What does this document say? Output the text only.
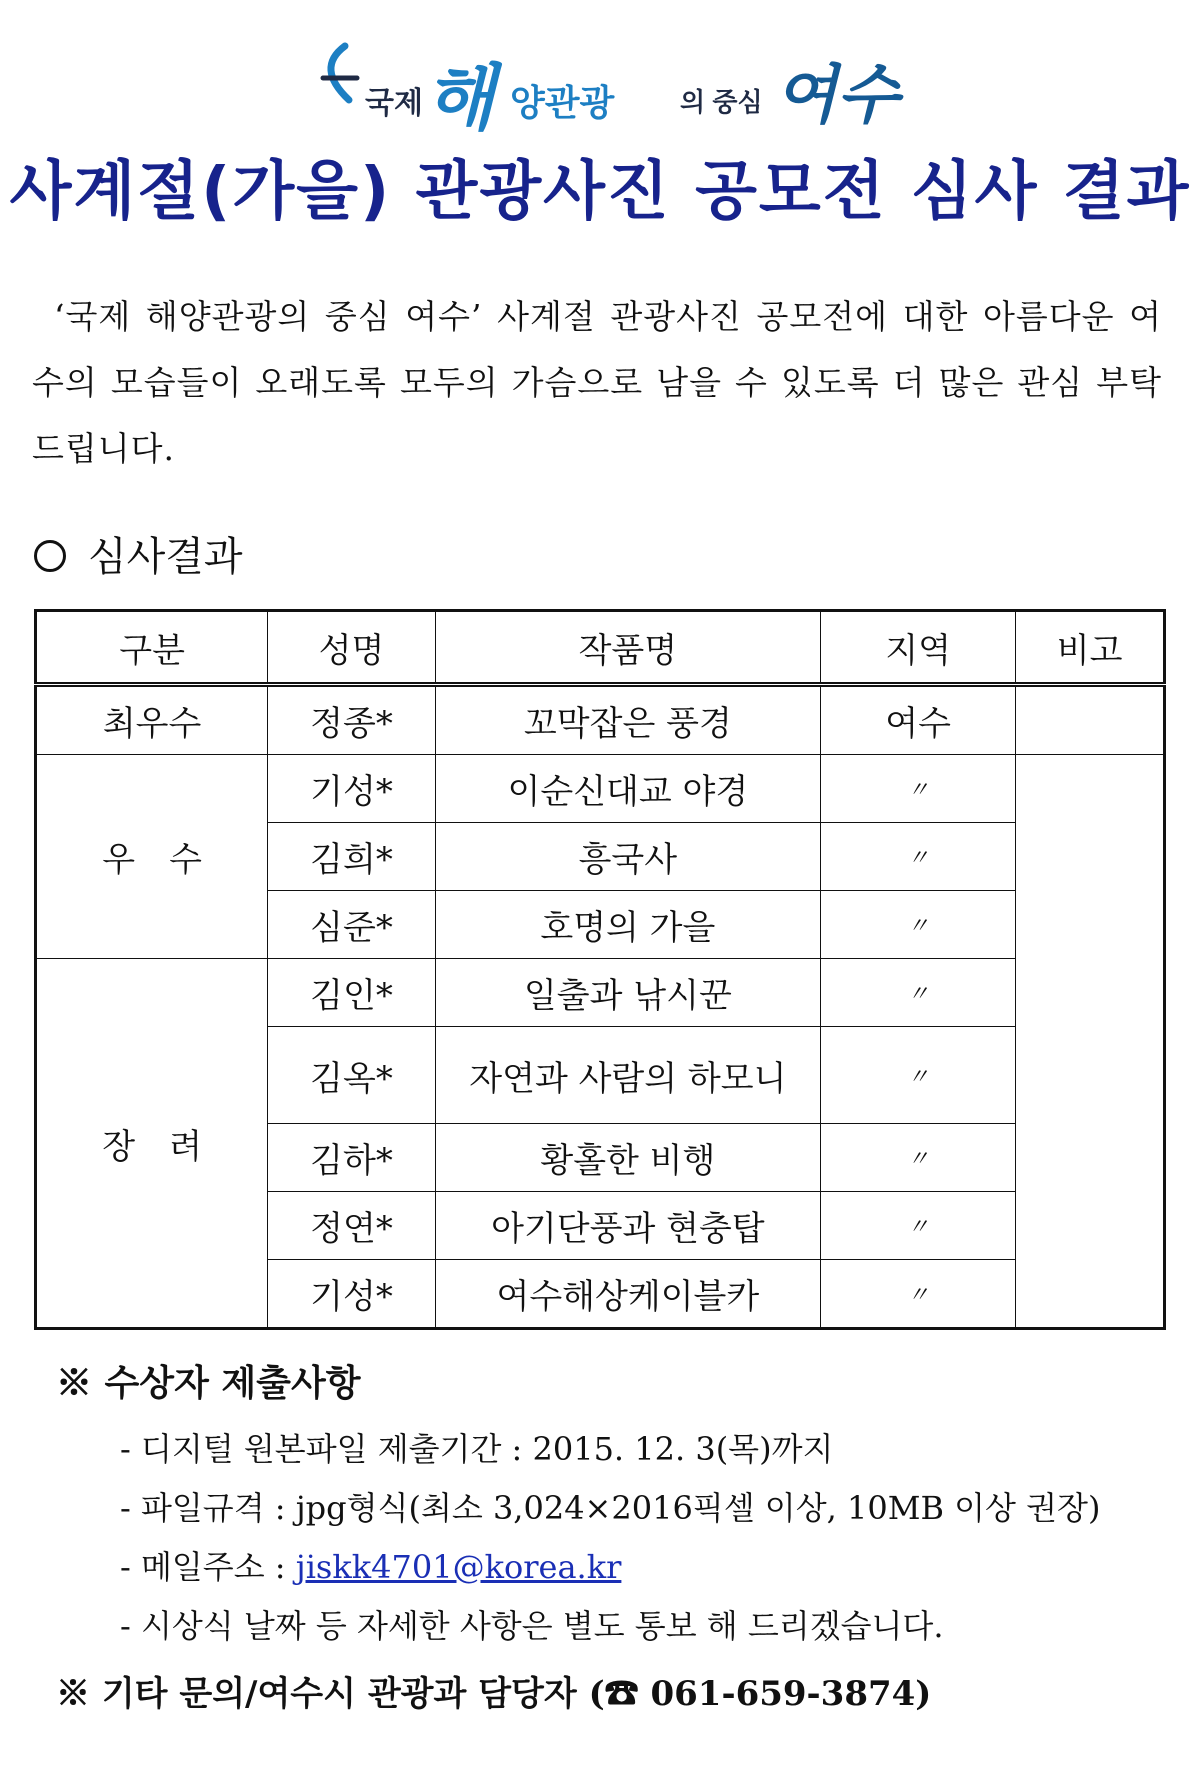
국제 해 양관광	의 중심 여수
사계절(가을) 관광사진 공모전 심사 결과
‘국제 해양관광의 중심 여수’ 사계절 관광사진 공모전에 대한 아름다운 여수의 모습들이 오래도록 모두의 가슴으로 남을 수 있도록 더 많은 관심 부탁 드립니다.
심사결과
구분	성명	작품명	지역	비고
최우수	정종*	꼬막잡은 풍경	여수	
우　수	기성*	이순신대교 야경	〃	
	김희*	흥국사	〃	
	심준*	호명의 가을	〃	
장　려	김인*	일출과 낚시꾼	〃	
	김옥*	자연과 사람의 하모니	〃	
	김하*	황홀한 비행	〃	
	정연*	아기단풍과 현충탑	〃	
	기성*	여수해상케이블카	〃	
※ 수상자 제출사항
- 디지털 원본파일 제출기간 : 2015. 12. 3(목)까지
- 파일규격 : jpg형식(최소 3,024×2016픽셀 이상, 10MB 이상 권장)
- 메일주소 : jiskk4701@korea.kr
- 시상식 날짜 등 자세한 사항은 별도 통보 해 드리겠습니다.
※ 기타 문의/여수시 관광과 담당자 (☎ 061-659-3874)
